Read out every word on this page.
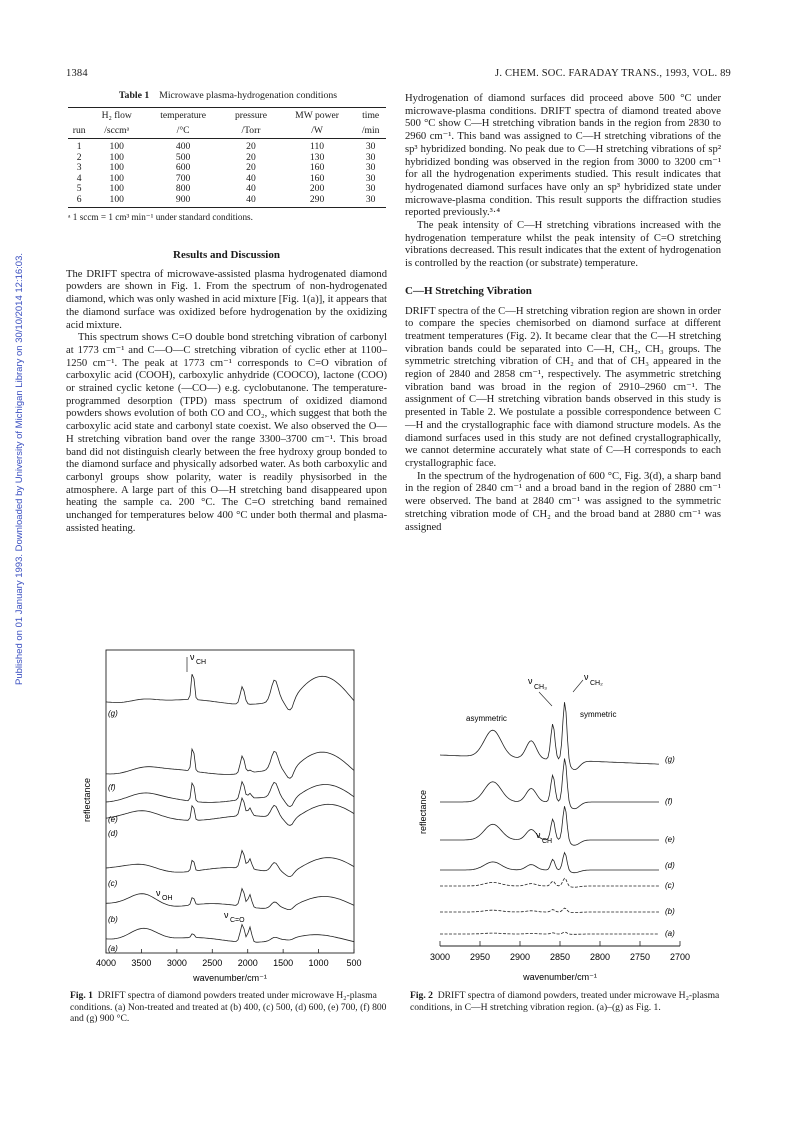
1384	J. CHEM. SOC. FARADAY TRANS., 1993, VOL. 89
Published on 01 January 1993. Downloaded by University of Michigan Library on 30/10/2014 12:16:03.
Table 1 Microwave plasma-hydrogenation conditions
	H₂ flow	temperature	pressure	MW power	time
run	/sccmᵃ	/°C	/Torr	/W	/min
1	100	400	20	110	30
2	100	500	20	130	30
3	100	600	20	160	30
4	100	700	40	160	30
5	100	800	40	200	30
6	100	900	40	290	30
ᵃ 1 sccm = 1 cm³ min⁻¹ under standard conditions.
Results and Discussion

The DRIFT spectra of microwave-assisted plasma hydrogenated diamond powders are shown in Fig. 1. From the spectrum of non-hydrogenated diamond, which was only washed in acid mixture [Fig. 1(a)], it appears that the diamond surface was oxidized before hydrogenation by the oxidizing acid mixture.

This spectrum shows C=O double bond stretching vibration of carbonyl at 1773 cm⁻¹ and C—O—C stretching vibration of cyclic ether at 1100–1250 cm⁻¹. The peak at 1773 cm⁻¹ corresponds to C=O vibration of carboxylic acid (COOH), carboxylic anhydride (COOCO), lactone (COO) or strained cyclic ketone (—CO—) e.g. cyclobutanone. The temperature-programmed desorption (TPD) mass spectrum of oxidized diamond powders shows evolution of both CO and CO₂, which suggest that both the carboxylic acid state and carbonyl state coexist. We also observed the O—H stretching vibration band over the range 3300–3700 cm⁻¹. This broad band did not distinguish clearly between the free hydroxy group bonded to the diamond surface and physically adsorbed water. As both carboxylic and carbonyl groups show polarity, water is readily physisorbed in the atmosphere. A large part of this O—H stretching band disappeared upon heating the sample ca. 200 °C. The C=O stretching band remained unchanged for temperatures below 400 °C under both thermal and plasma-assisted heating.

Hydrogenation of diamond surfaces did proceed above 500 °C under microwave-plasma conditions. DRIFT spectra of diamond treated above 500 °C show C—H stretching vibration bands in the region from 2830 to 2960 cm⁻¹. This band was assigned to C—H stretching vibrations of the sp³ hybridized bonding. No peak due to C—H stretching vibrations of sp² hybridized bonding was observed in the region from 3000 to 3200 cm⁻¹ for all the hydrogenation experiments studied. This result indicates that hydrogenated diamond surfaces have only an sp³ hybridized state under microwave-plasma condition. This result supports the diffraction studies reported previously.³·⁴

The peak intensity of C—H stretching vibrations increased with the hydrogenation temperature whilst the peak intensity of C=O stretching vibrations decreased. This result indicates that the extent of hydrogenation is controlled by the reaction (or substrate) temperature.

C—H Stretching Vibration

DRIFT spectra of the C—H stretching vibration region are shown in order to compare the species chemisorbed on diamond surface at different treatment temperatures (Fig. 2). It became clear that the C—H stretching vibration bands could be separated into C—H, CH₂, CH₃ groups. The symmetric stretching vibration of CH₂ and that of CH₃ appeared in the region of 2840 and 2858 cm⁻¹, respectively. The asymmetric stretching vibration band was broad in the region of 2910–2960 cm⁻¹. The assignment of C—H stretching vibration bands observed in this study is presented in Table 2. We postulate a possible correspondence between C—H and the crystallographic face with diamond structure models. As the diamond surfaces used in this study are not defined crystallographically, we cannot determine accurately what state of C—H corresponds to each crystallographic face.

In the spectrum of the hydrogenation of 600 °C, Fig. 3(d), a sharp band in the region of 2840 cm⁻¹ and a broad band in the region of 2880 cm⁻¹ were observed. The band at 2840 cm⁻¹ was assigned to the symmetric stretching vibration mode of CH₂ and the broad band at 2880 cm⁻¹ was assigned

4000 3500 3000 2500 2000 1500 1000 500
(g)
(f)
(e)
(d)
(c)
(b)
(a)
reflectance
wavenumber/cm⁻¹
ν
CH
ν
OH
ν
C=O
Fig. 1 DRIFT spectra of diamond powders treated under microwave H₂-plasma conditions. (a) Non-treated and treated at (b) 400, (c) 500, (d) 600, (e) 700, (f) 800 and (g) 900 °C.
3000 2950 2900 2850 2800 2750 2700
(g)
(f)
(e)
(d)
(c)
(b)
(a)
reflectance
wavenumber/cm⁻¹
ν
CH₃
ν
CH₂
asymmetric	symmetric
ν
CH
Fig. 2 DRIFT spectra of diamond powders, treated under microwave H₂-plasma conditions, in C—H stretching vibration region. (a)–(g) as Fig. 1.
